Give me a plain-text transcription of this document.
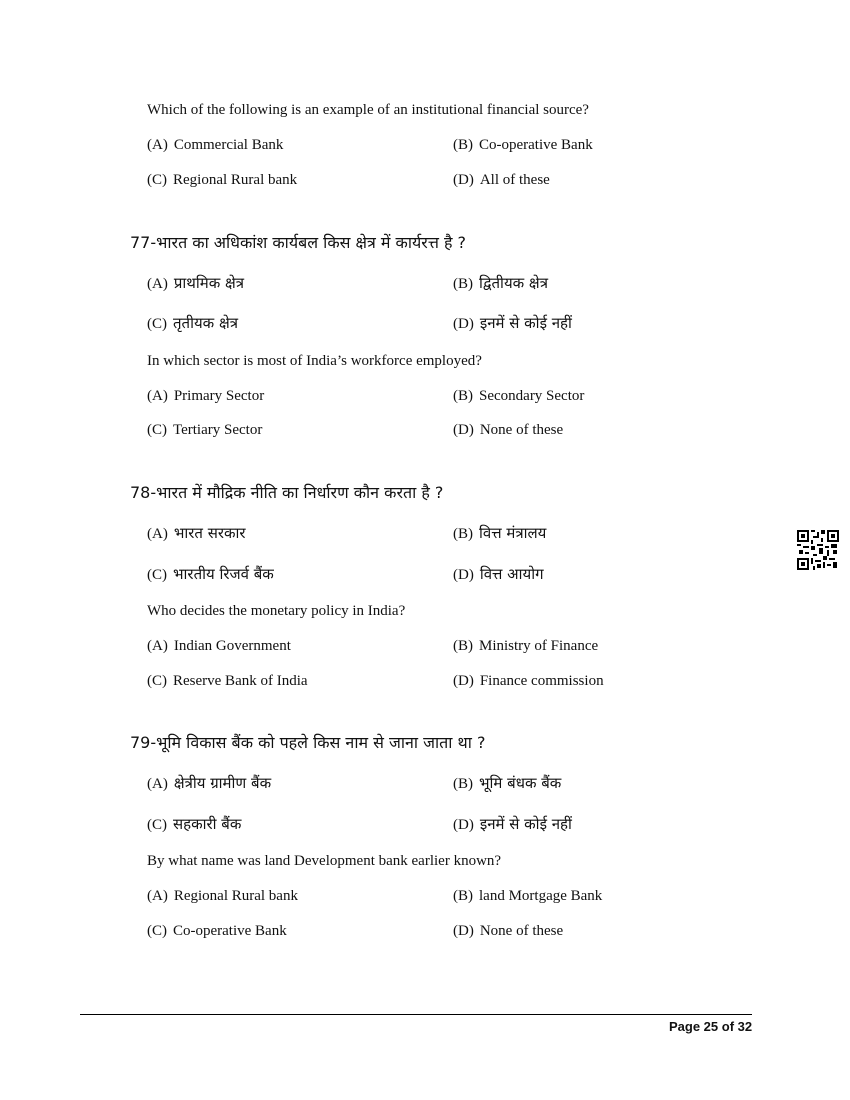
Which of the following is an example of an institutional financial source?
(A) Commercial Bank	(B) Co-operative Bank
(C) Regional Rural bank	(D) All of these
77-भारत का अधिकांश कार्यबल किस क्षेत्र में कार्यरत्त है ?
(A) प्राथमिक क्षेत्र	(B) द्वितीयक क्षेत्र
(C) तृतीयक क्षेत्र	(D) इनमें से कोई नहीं
In which sector is most of India’s workforce employed?
(A) Primary Sector	(B) Secondary Sector
(C) Tertiary Sector	(D) None of these
78-भारत में मौद्रिक नीति का निर्धारण कौन करता है ?
(A) भारत सरकार	(B) वित्त मंत्रालय
(C) भारतीय रिजर्व बैंक	(D) वित्त आयोग
Who decides the monetary policy in India?
(A) Indian Government	(B) Ministry of Finance
(C) Reserve Bank of India	(D) Finance commission
79-भूमि विकास बैंक को पहले किस नाम से जाना जाता था ?
(A) क्षेत्रीय ग्रामीण बैंक	(B) भूमि बंधक बैंक
(C) सहकारी बैंक	(D) इनमें से कोई नहीं
By what name was land Development bank earlier known?
(A) Regional Rural bank	(B) land Mortgage Bank
(C) Co-operative Bank	(D) None of these
Page 25 of 32
